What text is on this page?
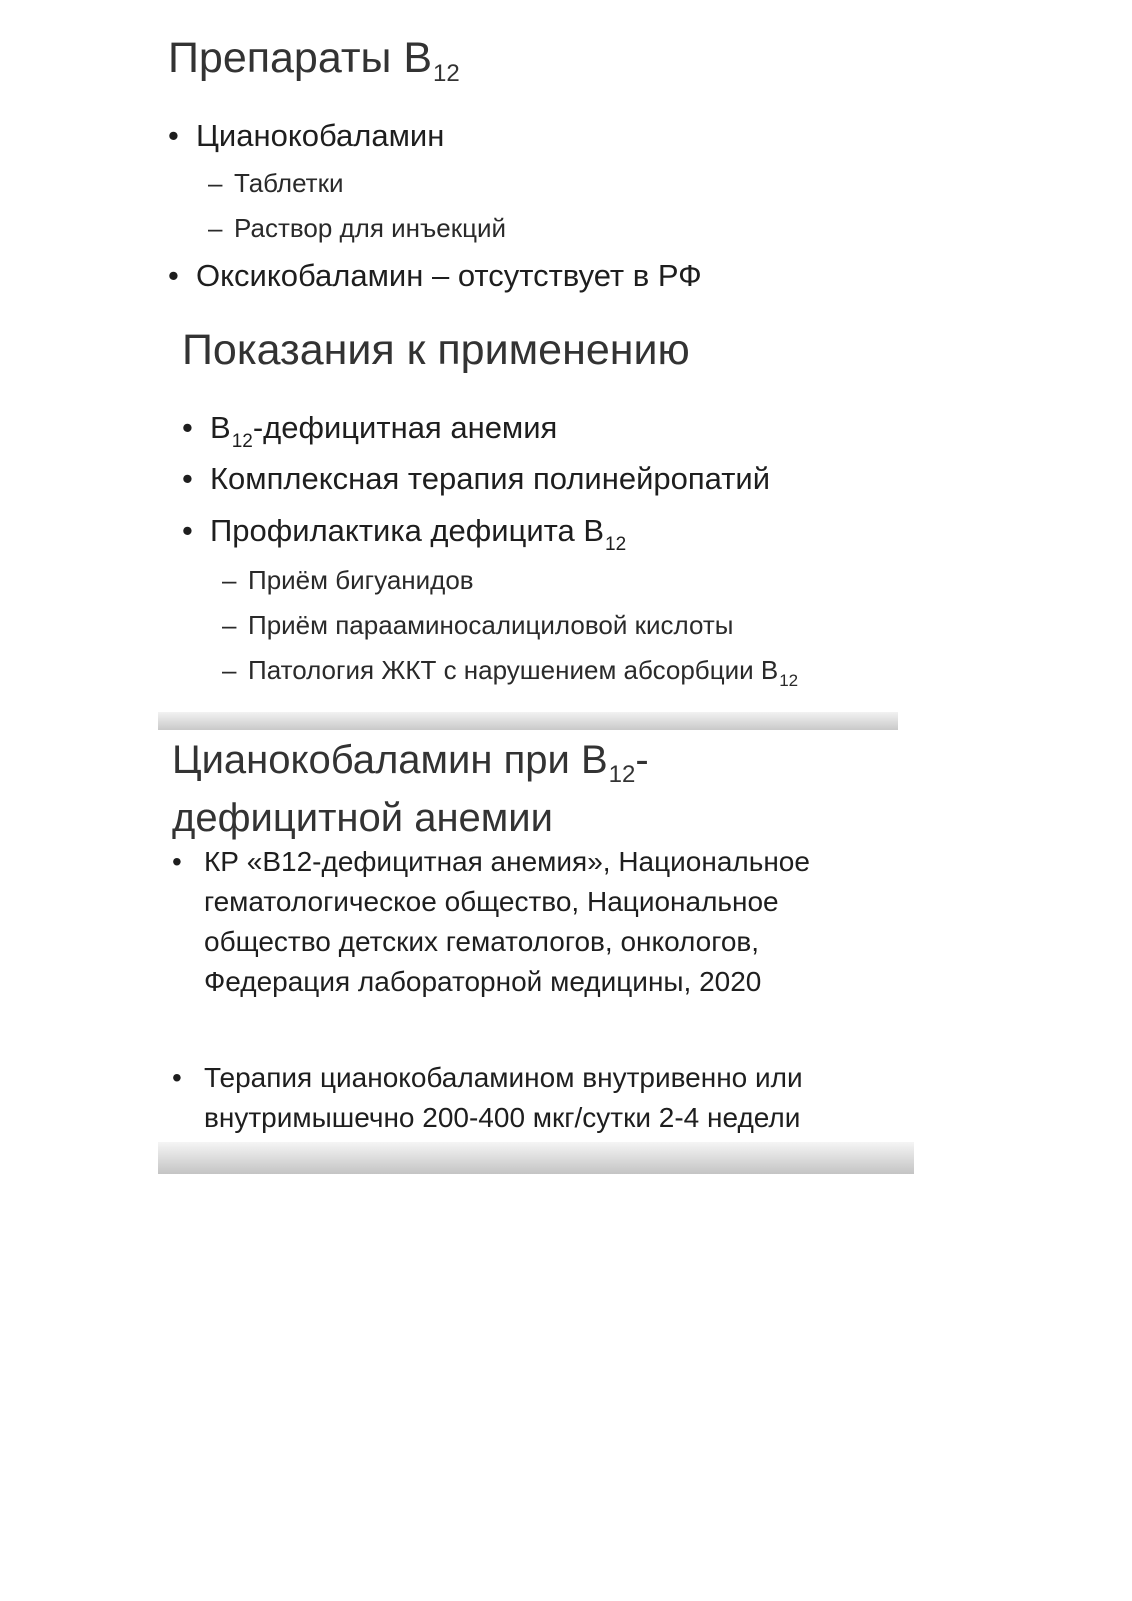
Препараты $B_{12}$
• Цианокобаламин
– Таблетки
– Раствор для инъекций
• Оксикобаламин – отсутствует в РФ
Показания к применению
• $B_{12}$-дефицитная анемия
• Комплексная терапия полинейропатий
• Профилактика дефицита $B_{12}$
– Приём бигуанидов
– Приём парааминосалициловой кислоты
– Патология ЖКТ с нарушением абсорбции $B_{12}$
Цианокобаламин при $B_{12}-$
дефицитной анемии
• КР «B12-дефицитная анемия», Национальное гематологическое общество, Национальное общество детских гематологов, онкологов, Федерация лабораторной медицины, 2020
• Терапия цианокобаламином внутривенно или внутримышечно 200-400 мкг/сутки 2-4 недели
